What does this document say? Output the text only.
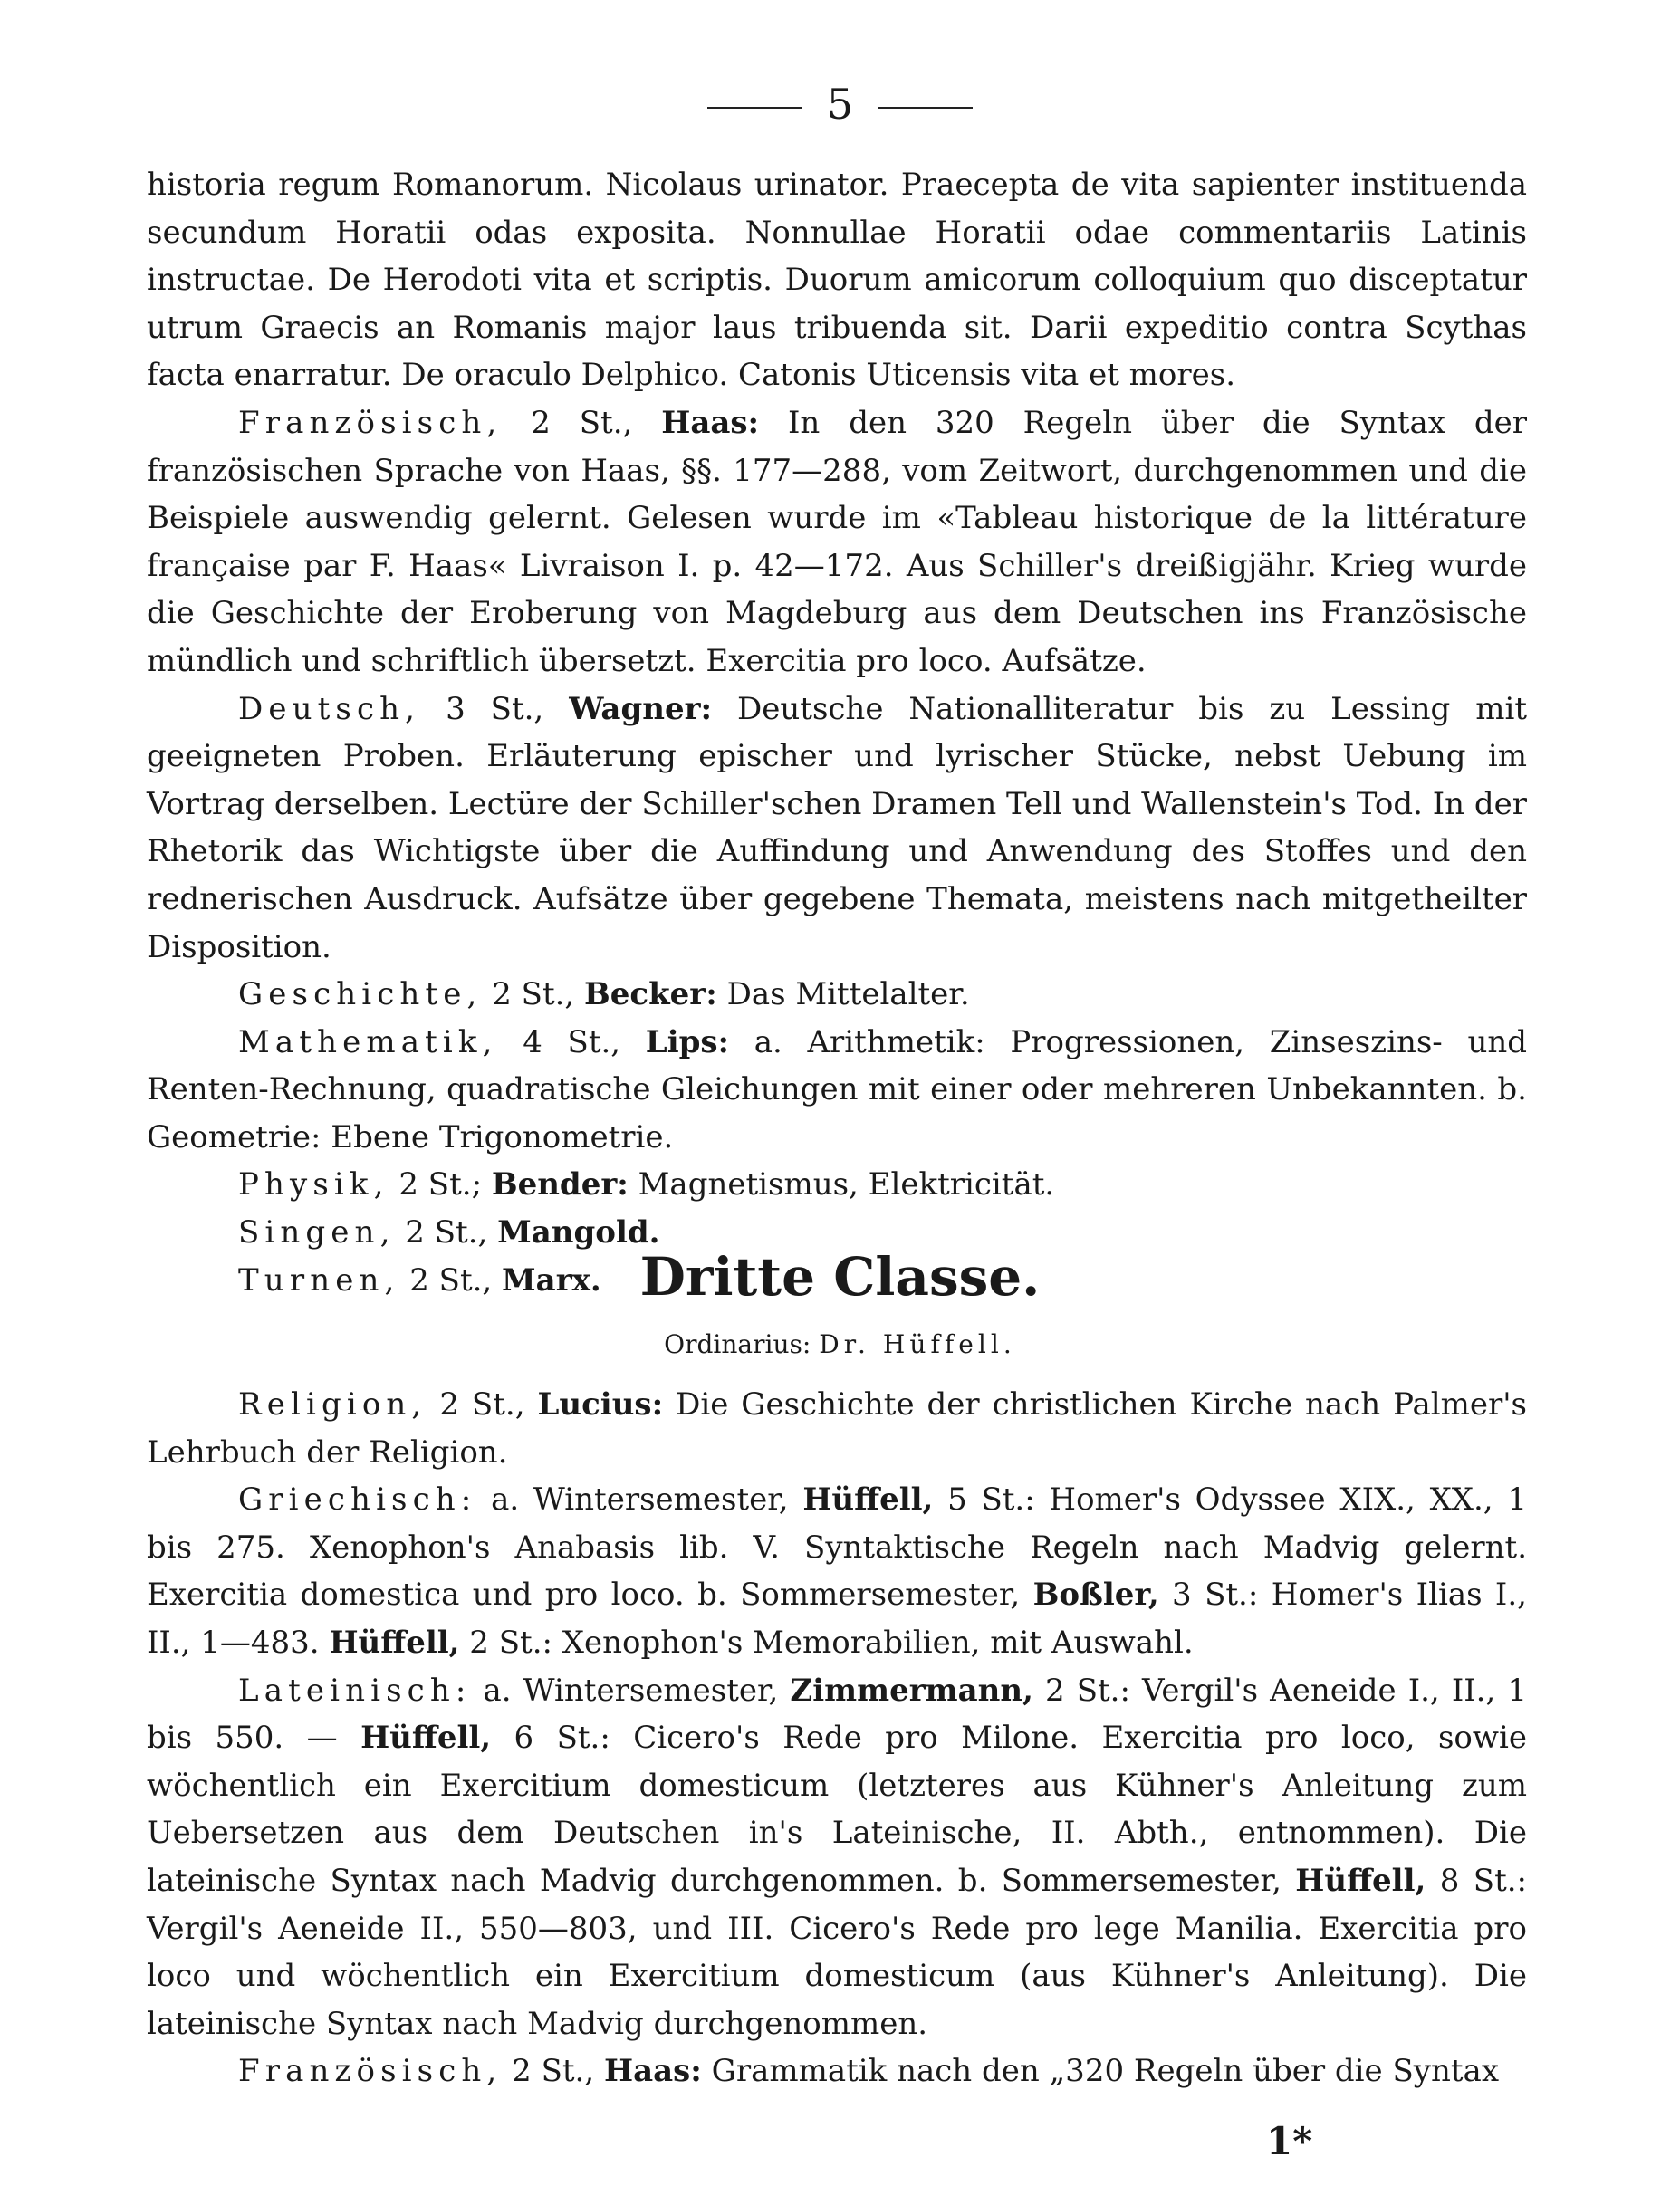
5

historia regum Romanorum. Nicolaus urinator. Praecepta de vita sapienter instituenda secundum Horatii odas exposita. Nonnullae Horatii odae commentariis Latinis instructae. De Herodoti vita et scriptis. Duorum amicorum colloquium quo disceptatur utrum Graecis an Romanis major laus tribuenda sit. Darii expeditio contra Scythas facta enarratur. De oraculo Delphico. Catonis Uticensis vita et mores.

Französisch, 2 St., Haas: In den 320 Regeln über die Syntax der französischen Sprache von Haas, §§. 177—288, vom Zeitwort, durchgenommen und die Beispiele auswendig gelernt. Gelesen wurde im «Tableau historique de la littérature française par F. Haas« Livraison I. p. 42—172. Aus Schiller's dreißigjähr. Krieg wurde die Geschichte der Eroberung von Magdeburg aus dem Deutschen ins Französische mündlich und schriftlich übersetzt. Exercitia pro loco. Aufsätze.

Deutsch, 3 St., Wagner: Deutsche Nationalliteratur bis zu Lessing mit geeigneten Proben. Erläuterung epischer und lyrischer Stücke, nebst Uebung im Vortrag derselben. Lectüre der Schiller'schen Dramen Tell und Wallenstein's Tod. In der Rhetorik das Wichtigste über die Auffindung und Anwendung des Stoffes und den rednerischen Ausdruck. Aufsätze über gegebene Themata, meistens nach mitgetheilter Disposition.

Geschichte, 2 St., Becker: Das Mittelalter.

Mathematik, 4 St., Lips: a. Arithmetik: Progressionen, Zinseszins- und Renten-Rechnung, quadratische Gleichungen mit einer oder mehreren Unbekannten. b. Geometrie: Ebene Trigonometrie.

Physik, 2 St.; Bender: Magnetismus, Elektricität.

Singen, 2 St., Mangold.

Turnen, 2 St., Marx. Dritte Classe.
Ordinarius: Dr. Hüffell.

Religion, 2 St., Lucius: Die Geschichte der christlichen Kirche nach Palmer's Lehrbuch der Religion.

Griechisch: a. Wintersemester, Hüffell, 5 St.: Homer's Odyssee XIX., XX., 1 bis 275. Xenophon's Anabasis lib. V. Syntaktische Regeln nach Madvig gelernt. Exercitia domestica und pro loco. b. Sommersemester, Boßler, 3 St.: Homer's Ilias I., II., 1—483. Hüffell, 2 St.: Xenophon's Memorabilien, mit Auswahl.

Lateinisch: a. Wintersemester, Zimmermann, 2 St.: Vergil's Aeneide I., II., 1 bis 550. — Hüffell, 6 St.: Cicero's Rede pro Milone. Exercitia pro loco, sowie wöchentlich ein Exercitium domesticum (letzteres aus Kühner's Anleitung zum Uebersetzen aus dem Deutschen in's Lateinische, II. Abth., entnommen). Die lateinische Syntax nach Madvig durchgenommen. b. Sommersemester, Hüffell, 8 St.: Vergil's Aeneide II., 550—803, und III. Cicero's Rede pro lege Manilia. Exercitia pro loco und wöchentlich ein Exercitium domesticum (aus Kühner's Anleitung). Die lateinische Syntax nach Madvig durchgenommen.

Französisch, 2 St., Haas: Grammatik nach den „320 Regeln über die Syntax

1*
